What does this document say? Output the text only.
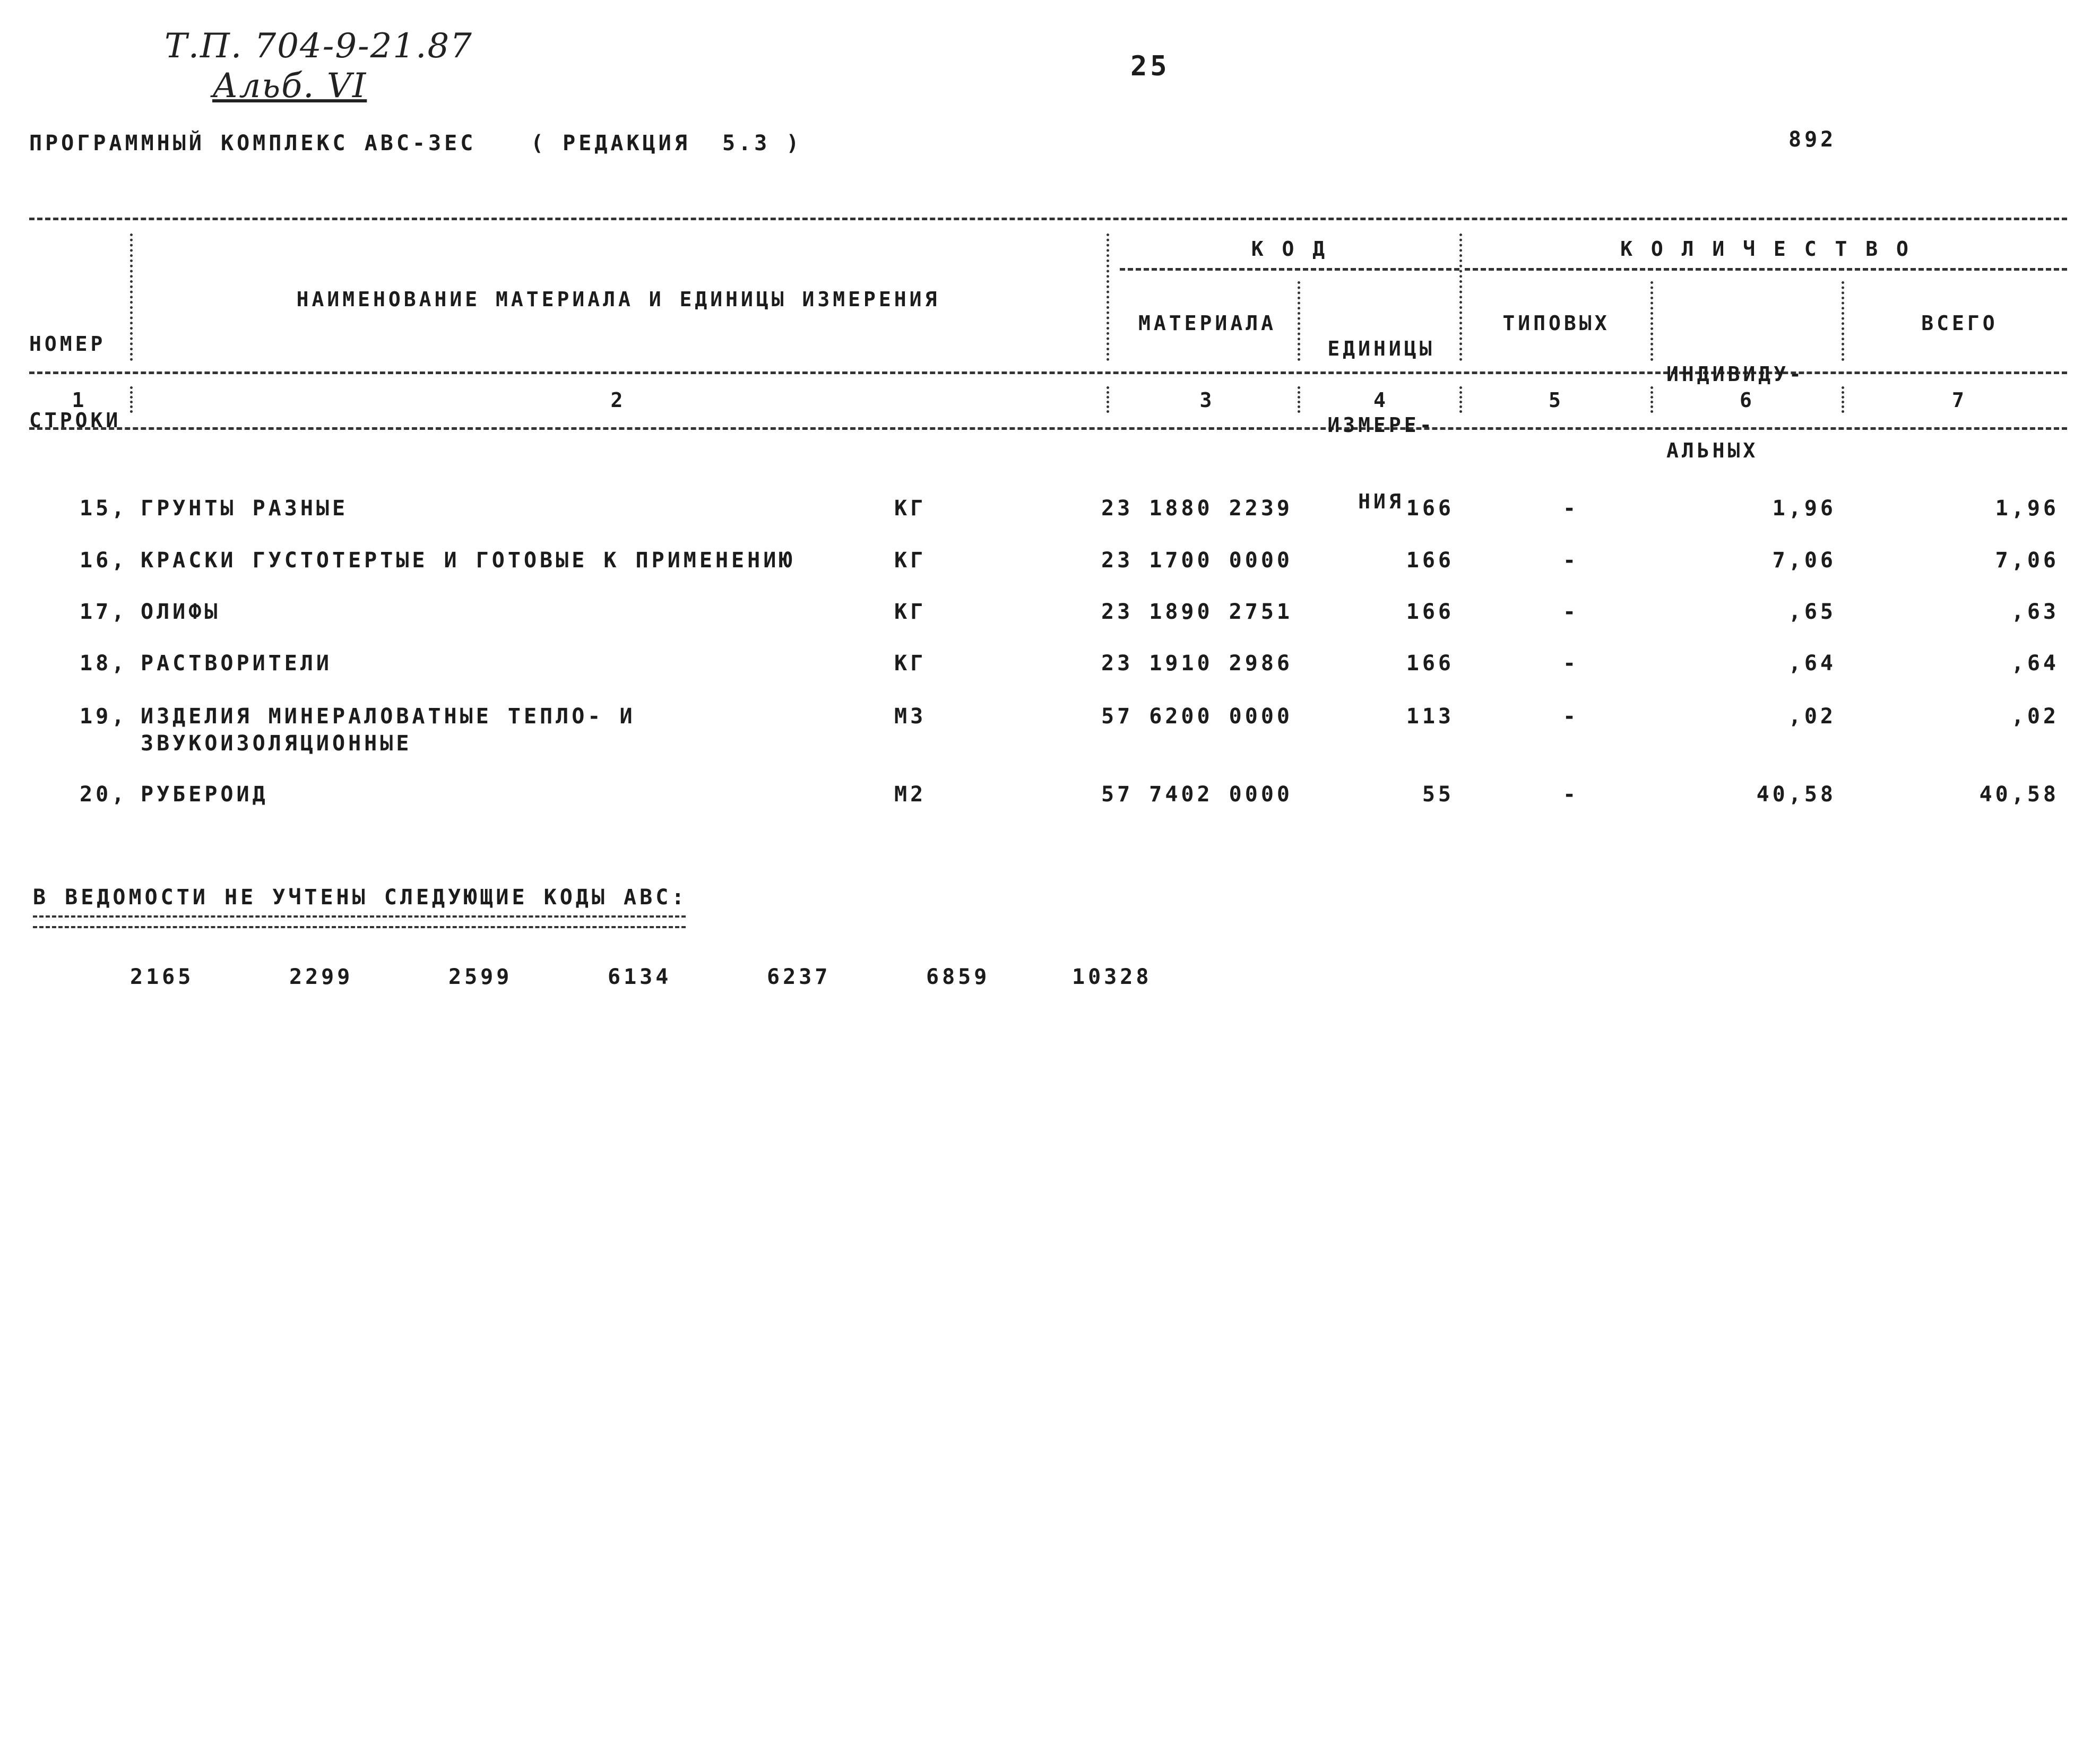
Т.П. 704-9-21.87
Альб. VI	25
ПРОГРАММНЫЙ КОМПЛЕКС АВС-3ЕС	( РЕДАКЦИЯ  5.3 )	892

НОМЕР

СТРОКИ

НАИМЕНОВАНИЕ МАТЕРИАЛА И ЕДИНИЦЫ ИЗМЕРЕНИЯ
К О Д
МАТЕРИАЛА

ЕДИНИЦЫ

ИЗМЕРЕ-

НИЯ

К О Л И Ч Е С Т В О
ТИПОВЫХ

ИНДИВИДУ-

АЛЬНЫХ

ВСЕГО
1	2	3	4	5	6	7
15, ГРУНТЫ РАЗНЫЕ	КГ	23 1880 2239	166	-	1,96	1,96
16, КРАСКИ ГУСТОТЕРТЫЕ И ГОТОВЫЕ К ПРИМЕНЕНИЮ	КГ	23 1700 0000	166	-	7,06	7,06
17, ОЛИФЫ	КГ	23 1890 2751	166	-	,65	,63
18, РАСТВОРИТЕЛИ	КГ	23 1910 2986	166	-	,64	,64
19, ИЗДЕЛИЯ МИНЕРАЛОВАТНЫЕ ТЕПЛО- И
ЗВУКОИЗОЛЯЦИОННЫЕ
М3	57 6200 0000	113	-	,02	,02
20, РУБЕРОИД	М2	57 7402 0000	55	-	40,58	40,58
В ВЕДОМОСТИ НЕ УЧТЕНЫ СЛЕДУЮЩИЕ КОДЫ АВС:
2165	2299	2599	6134	6237	6859	10328
